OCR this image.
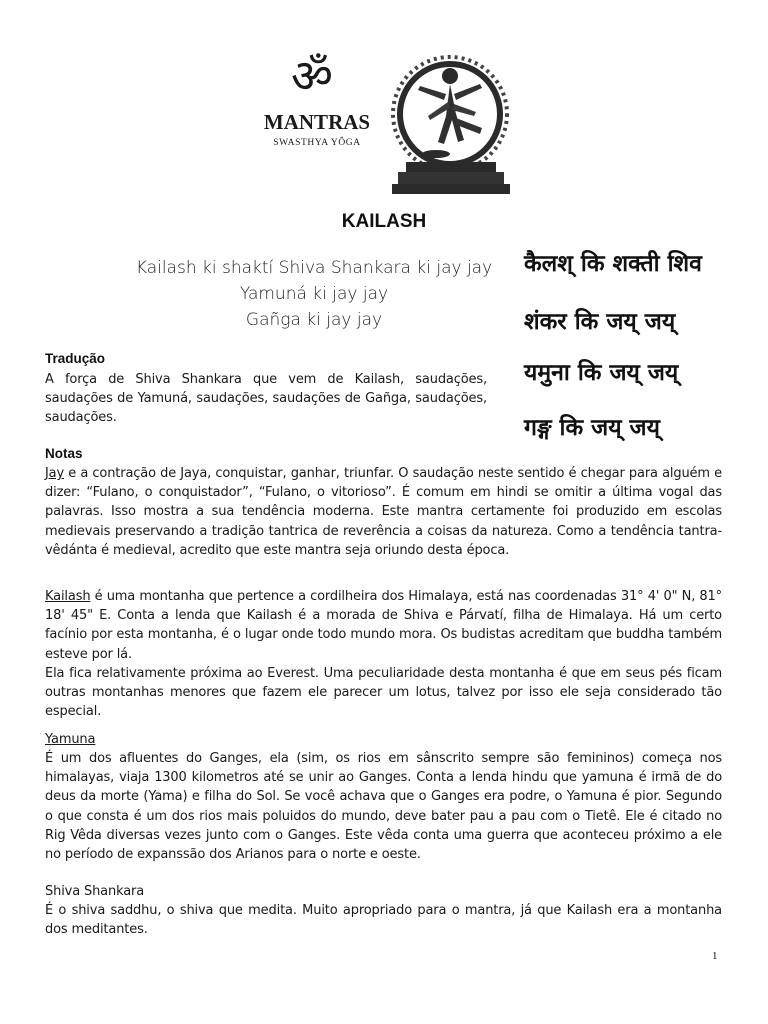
ॐ
MANTRAS
SWASTHYA YÔGA
KAILASH
Kailash ki shaktí Shiva Shankara ki jay jay
Yamuná ki jay jay
Gañga ki jay jay
कैलश् कि शक्ती शिव
शंकर कि जय् जय्
यमुना कि जय् जय्
गङ्ग कि जय् जय्
Tradução
A força de Shiva Shankara que vem de Kailash, saudações, saudações de Yamuná, saudações, saudações de Gañga, saudações, saudações.
Notas
Jay e a contração de Jaya, conquistar, ganhar, triunfar. O saudação neste sentido é chegar para alguém e dizer: “Fulano, o conquistador”, “Fulano, o vitorioso”. É comum em hindi se omitir a última vogal das palavras. Isso mostra a sua tendência moderna. Este mantra certamente foi produzido em escolas medievais preservando a tradição tantrica de reverência a coisas da natureza. Como a tendência tantra-vêdánta é medieval, acredito que este mantra seja oriundo desta época.
Kailash é uma montanha que pertence a cordilheira dos Himalaya, está nas coordenadas 31° 4' 0" N, 81° 18' 45" E. Conta a lenda que Kailash é a morada de Shiva e Párvatí, filha de Himalaya. Há um certo facínio por esta montanha, é o lugar onde todo mundo mora. Os budistas acreditam que buddha também esteve por lá.
Ela fica relativamente próxima ao Everest. Uma peculiaridade desta montanha é que em seus pés ficam outras montanhas menores que fazem ele parecer um lotus, talvez por isso ele seja considerado tão especial.
Yamuna
É um dos afluentes do Ganges, ela (sim, os rios em sânscrito sempre são femininos) começa nos himalayas, viaja 1300 kilometros até se unir ao Ganges. Conta a lenda hindu que yamuna é irmã de do deus da morte (Yama) e filha do Sol. Se você achava que o Ganges era podre, o Yamuna é pior. Segundo o que consta é um dos rios mais poluidos do mundo, deve bater pau a pau com o Tietê. Ele é citado no Rig Vêda diversas vezes junto com o Ganges. Este vêda conta uma guerra que aconteceu próximo a ele no período de expanssão dos Arianos para o norte e oeste.
Shiva Shankara
É o shiva saddhu, o shiva que medita. Muito apropriado para o mantra, já que Kailash era a montanha dos meditantes.
1
